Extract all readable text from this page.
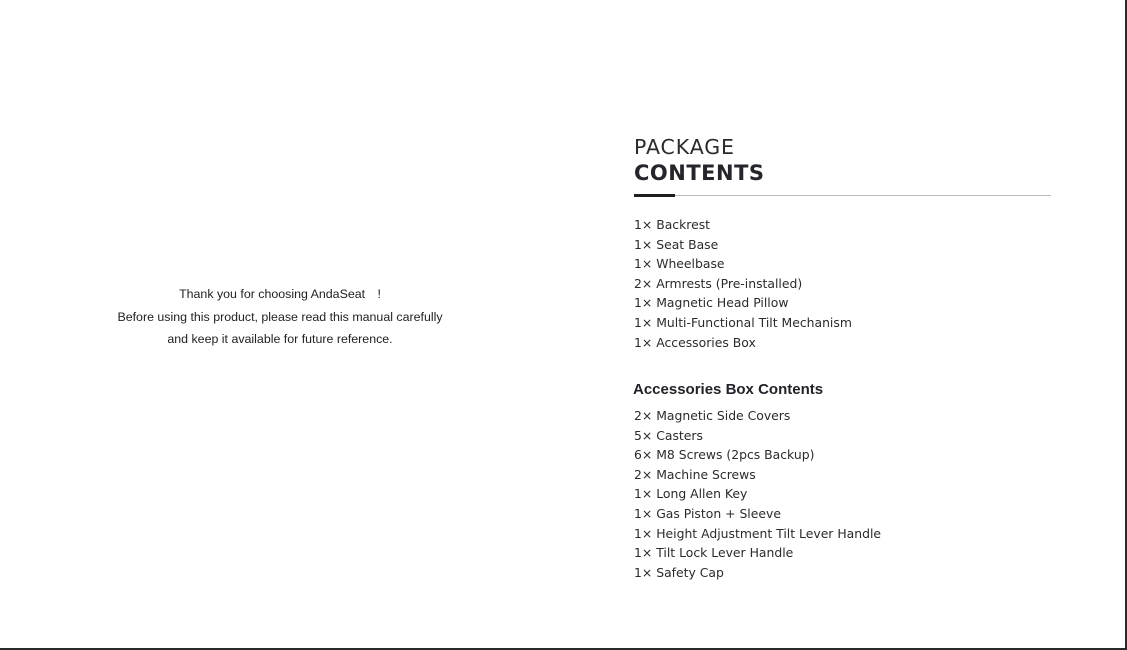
Thank you for choosing AndaSeat　!
Before using this product, please read this manual carefully
and keep it available for future reference.
PACKAGE
CONTENTS
1× Backrest
1× Seat Base
1× Wheelbase
2× Armrests (Pre-installed)
1× Magnetic Head Pillow
1× Multi-Functional Tilt Mechanism
1× Accessories Box
Accessories Box Contents
2× Magnetic Side Covers
5× Casters
6× M8 Screws (2pcs Backup)
2× Machine Screws
1× Long Allen Key
1× Gas Piston + Sleeve
1× Height Adjustment Tilt Lever Handle
1× Tilt Lock Lever Handle
1× Safety Cap
